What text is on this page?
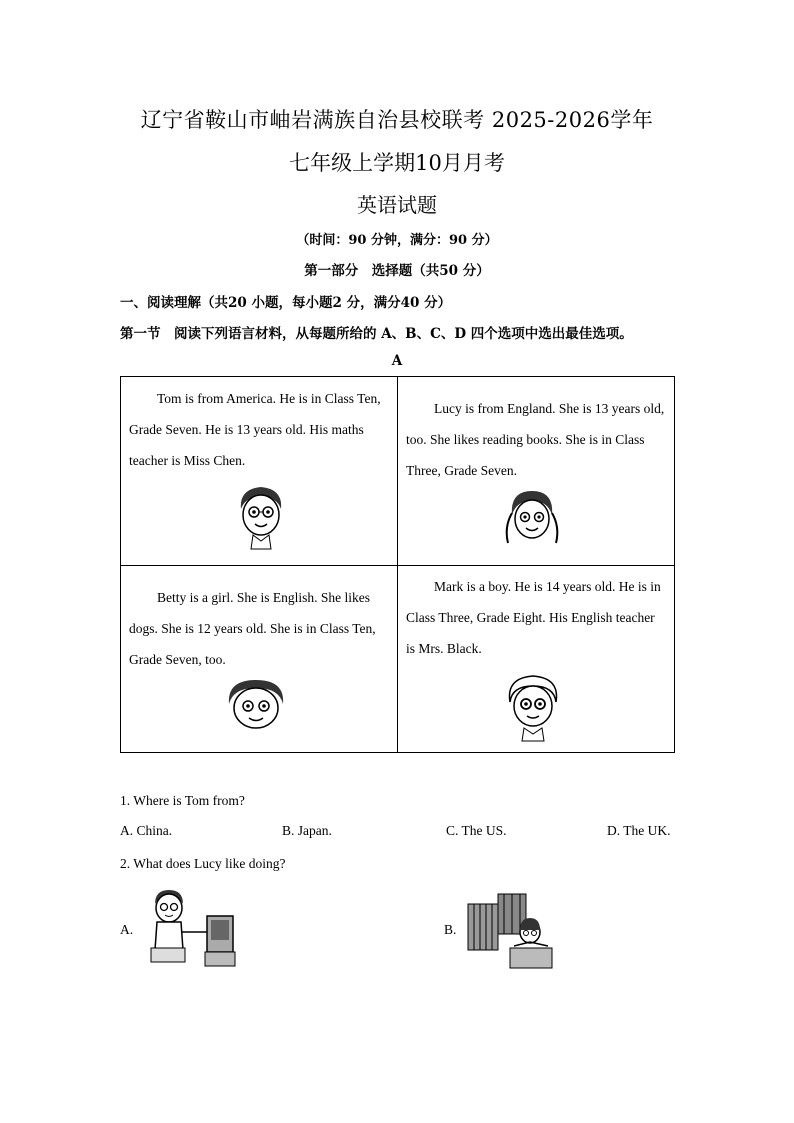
辽宁省鞍山市岫岩满族自治县校联考 2025-2026学年
七年级上学期10月月考
英语试题
（时间：90 分钟，满分：90 分）
第一部分　选择题（共50 分）
一、阅读理解（共20 小题，每小题2 分，满分40 分）
第一节　阅读下列语言材料，从每题所给的 A、B、C、D 四个选项中选出最佳选项。
A
Tom is from America. He is in Class Ten, Grade Seven. He is 13 years old. His maths teacher is Miss Chen.	Lucy is from England. She is 13 years old, too. She likes reading books. She is in Class Three, Grade Seven.

Betty is a girl. She is English. She likes dogs. She is 12 years old. She is in Class Ten, Grade Seven, too.	Mark is a boy. He is 14 years old. He is in Class Three, Grade Eight. His English teacher is Mrs. Black.
1. Where is Tom from?
A. China.	B. Japan.	C. The US.	D. The UK.
2. What does Lucy like doing?
A.	B.
